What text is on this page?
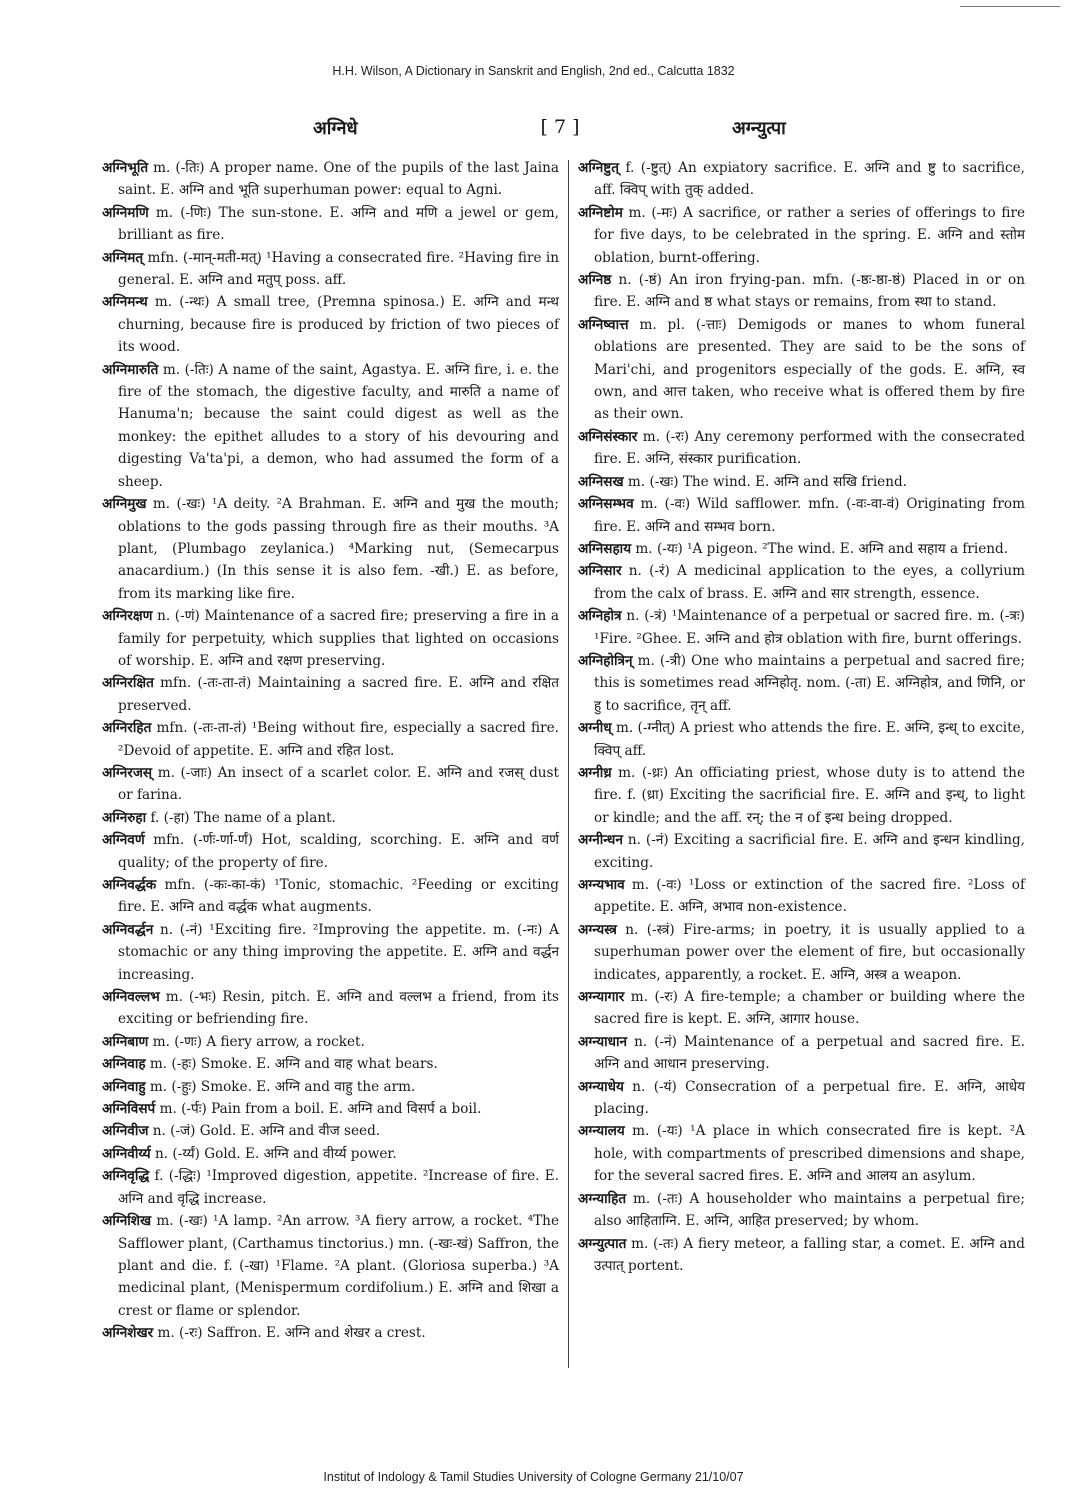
H.H. Wilson, A Dictionary in Sanskrit and English, 2nd ed., Calcutta 1832
अग्निधे	[ 7 ]	अग्न्युत्पा
अग्निभूति m. (-तिः) A proper name. One of the pupils of the last Jaina saint. E. अग्नि and भूति superhuman power: equal to Agni.
अग्निमणि m. (-णिः) The sun-stone. E. अग्नि and मणि a jewel or gem, brilliant as fire.
अग्निमत् mfn. (-मान्-मती-मत्) ¹Having a consecrated fire. ²Having fire in general. E. अग्नि and मतुप् poss. aff.
अग्निमन्थ m. (-न्थः) A small tree, (Premna spinosa.) E. अग्नि and मन्थ churning, because fire is produced by friction of two pieces of its wood.
अग्निमारुति m. (-तिः) A name of the saint, Agastya. E. अग्नि fire, i. e. the fire of the stomach, the digestive faculty, and मारुति a name of Hanuma'n; because the saint could digest as well as the monkey: the epithet alludes to a story of his devouring and digesting Va'ta'pi, a demon, who had assumed the form of a sheep.
अग्निमुख m. (-खः) ¹A deity. ²A Brahman. E. अग्नि and मुख the mouth; oblations to the gods passing through fire as their mouths. ³A plant, (Plumbago zeylanica.) ⁴Marking nut, (Semecarpus anacardium.) (In this sense it is also fem. -खी.) E. as before, from its marking like fire.
अग्निरक्षण n. (-णं) Maintenance of a sacred fire; preserving a fire in a family for perpetuity, which supplies that lighted on occasions of worship. E. अग्नि and रक्षण preserving.
अग्निरक्षित mfn. (-तः-ता-तं) Maintaining a sacred fire. E. अग्नि and रक्षित preserved.
अग्निरहित mfn. (-तः-ता-तं) ¹Being without fire, especially a sacred fire. ²Devoid of appetite. E. अग्नि and रहित lost.
अग्निरजस् m. (-जाः) An insect of a scarlet color. E. अग्नि and रजस् dust or farina.
अग्निरुहा f. (-हा) The name of a plant.
अग्निवर्ण mfn. (-र्णः-र्णा-र्णं) Hot, scalding, scorching. E. अग्नि and वर्ण quality; of the property of fire.
अग्निवर्द्धक mfn. (-कः-का-कं) ¹Tonic, stomachic. ²Feeding or exciting fire. E. अग्नि and वर्द्धक what augments.
अग्निवर्द्धन n. (-नं) ¹Exciting fire. ²Improving the appetite. m. (-नः) A stomachic or any thing improving the appetite. E. अग्नि and वर्द्धन increasing.
अग्निवल्लभ m. (-भः) Resin, pitch. E. अग्नि and वल्लभ a friend, from its exciting or befriending fire.
अग्निबाण m. (-णः) A fiery arrow, a rocket.
अग्निवाह m. (-हः) Smoke. E. अग्नि and वाह what bears.
अग्निवाहु m. (-हुः) Smoke. E. अग्नि and वाहु the arm.
अग्निविसर्प m. (-र्पः) Pain from a boil. E. अग्नि and विसर्प a boil.
अग्निवीज n. (-जं) Gold. E. अग्नि and वीज seed.
अग्निवीर्य्य n. (-र्य्यं) Gold. E. अग्नि and वीर्य्य power.
अग्निवृद्धि f. (-द्धिः) ¹Improved digestion, appetite. ²Increase of fire. E. अग्नि and वृद्धि increase.
अग्निशिख m. (-खः) ¹A lamp. ²An arrow. ³A fiery arrow, a rocket. ⁴The Safflower plant, (Carthamus tinctorius.) mn. (-खः-खं) Saffron, the plant and die. f. (-खा) ¹Flame. ²A plant. (Gloriosa superba.) ³A medicinal plant, (Menispermum cordifolium.) E. अग्नि and शिखा a crest or flame or splendor.
अग्निशेखर m. (-रः) Saffron. E. अग्नि and शेखर a crest.
अग्निष्टुत् f. (-ष्टुत्) An expiatory sacrifice. E. अग्नि and ष्टु to sacrifice, aff. क्विप् with तुक् added.
अग्निष्टोम m. (-मः) A sacrifice, or rather a series of offerings to fire for five days, to be celebrated in the spring. E. अग्नि and स्तोम oblation, burnt-offering.
अग्निष्ठ n. (-ष्ठं) An iron frying-pan. mfn. (-ष्ठः-ष्ठा-ष्ठं) Placed in or on fire. E. अग्नि and ष्ठ what stays or remains, from स्था to stand.
अग्निष्वात्त m. pl. (-त्ताः) Demigods or manes to whom funeral oblations are presented. They are said to be the sons of Mari'chi, and progenitors especially of the gods. E. अग्नि, स्व own, and आत्त taken, who receive what is offered them by fire as their own.
अग्निसंस्कार m. (-रः) Any ceremony performed with the consecrated fire. E. अग्नि, संस्कार purification.
अग्निसख m. (-खः) The wind. E. अग्नि and सखि friend.
अग्निसम्भव m. (-वः) Wild safflower. mfn. (-वः-वा-वं) Originating from fire. E. अग्नि and सम्भव born.
अग्निसहाय m. (-यः) ¹A pigeon. ²The wind. E. अग्नि and सहाय a friend.
अग्निसार n. (-रं) A medicinal application to the eyes, a collyrium from the calx of brass. E. अग्नि and सार strength, essence.
अग्निहोत्र n. (-त्रं) ¹Maintenance of a perpetual or sacred fire. m. (-त्रः) ¹Fire. ²Ghee. E. अग्नि and होत्र oblation with fire, burnt offerings.
अग्निहोत्रिन् m. (-त्री) One who maintains a perpetual and sacred fire; this is sometimes read अग्निहोतृ. nom. (-ता) E. अग्निहोत्र, and णिनि, or हु to sacrifice, तृन् aff.
अग्नीध् m. (-ग्नीत्) A priest who attends the fire. E. अग्नि, इन्ध् to excite, क्विप् aff.
अग्नीध्र m. (-ध्रः) An officiating priest, whose duty is to attend the fire. f. (ध्रा) Exciting the sacrificial fire. E. अग्नि and इन्ध्, to light or kindle; and the aff. रन्; the न of इन्ध being dropped.
अग्नीन्धन n. (-नं) Exciting a sacrificial fire. E. अग्नि and इन्धन kindling, exciting.
अग्न्यभाव m. (-वः) ¹Loss or extinction of the sacred fire. ²Loss of appetite. E. अग्नि, अभाव non-existence.
अग्न्यस्त्र n. (-स्त्रं) Fire-arms; in poetry, it is usually applied to a superhuman power over the element of fire, but occasionally indicates, apparently, a rocket. E. अग्नि, अस्त्र a weapon.
अग्न्यागार m. (-रः) A fire-temple; a chamber or building where the sacred fire is kept. E. अग्नि, आगार house.
अग्न्याधान n. (-नं) Maintenance of a perpetual and sacred fire. E. अग्नि and आधान preserving.
अग्न्याधेय n. (-यं) Consecration of a perpetual fire. E. अग्नि, आधेय placing.
अग्न्यालय m. (-यः) ¹A place in which consecrated fire is kept. ²A hole, with compartments of prescribed dimensions and shape, for the several sacred fires. E. अग्नि and आलय an asylum.
अग्न्याहित m. (-तः) A householder who maintains a perpetual fire; also आहिताग्नि. E. अग्नि, आहित preserved; by whom.
अग्न्युत्पात m. (-तः) A fiery meteor, a falling star, a comet. E. अग्नि and उत्पात् portent.
Institut of Indology & Tamil Studies University of Cologne Germany 21/10/07
